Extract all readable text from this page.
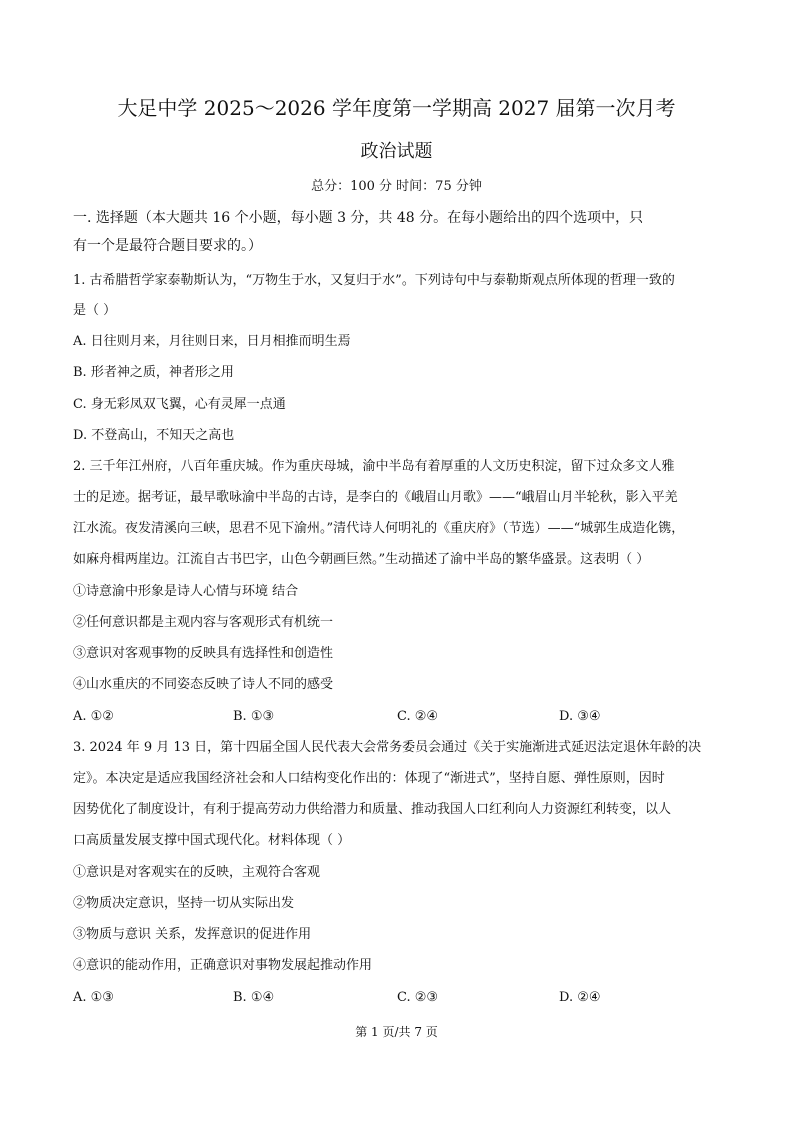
大足中学 2025～2026 学年度第一学期高 2027 届第一次月考
政治试题
总分：100 分 时间：75 分钟
一. 选择题（本大题共 16 个小题，每小题 3 分，共 48 分。在每小题给出的四个选项中，只
有一个是最符合题目要求的。）
1. 古希腊哲学家泰勒斯认为，“万物生于水，又复归于水”。下列诗句中与泰勒斯观点所体现的哲理一致的
是（ ）
A. 日往则月来，月往则日来，日月相推而明生焉
B. 形者神之质，神者形之用
C. 身无彩凤双飞翼，心有灵犀一点通
D. 不登高山，不知天之高也
2. 三千年江州府，八百年重庆城。作为重庆母城，渝中半岛有着厚重的人文历史积淀，留下过众多文人雅
士的足迹。据考证，最早歌咏渝中半岛的古诗，是李白的《峨眉山月歌》——“峨眉山月半轮秋，影入平羌
江水流。夜发清溪向三峡，思君不见下渝州。”清代诗人何明礼的《重庆府》（节选）——“城郭生成造化镌，
如麻舟楫两崖边。江流自古书巴字，山色今朝画巨然。”生动描述了渝中半岛的繁华盛景。这表明（ ）
①诗意渝中形象是诗人心情与环境 结合
②任何意识都是主观内容与客观形式有机统一
③意识对客观事物的反映具有选择性和创造性
④山水重庆的不同姿态反映了诗人不同的感受
A. ①②	B. ①③	C. ②④	D. ③④
3. 2024 年 9 月 13 日，第十四届全国人民代表大会常务委员会通过《关于实施渐进式延迟法定退休年龄的决
定》。本决定是适应我国经济社会和人口结构变化作出的：体现了“渐进式”，坚持自愿、弹性原则，因时
因势优化了制度设计，有利于提高劳动力供给潜力和质量、推动我国人口红利向人力资源红利转变，以人
口高质量发展支撑中国式现代化。材料体现（ ）
①意识是对客观实在的反映，主观符合客观
②物质决定意识，坚持一切从实际出发
③物质与意识 关系，发挥意识的促进作用
④意识的能动作用，正确意识对事物发展起推动作用
A. ①③	B. ①④	C. ②③	D. ②④
第 1 页/共 7 页
